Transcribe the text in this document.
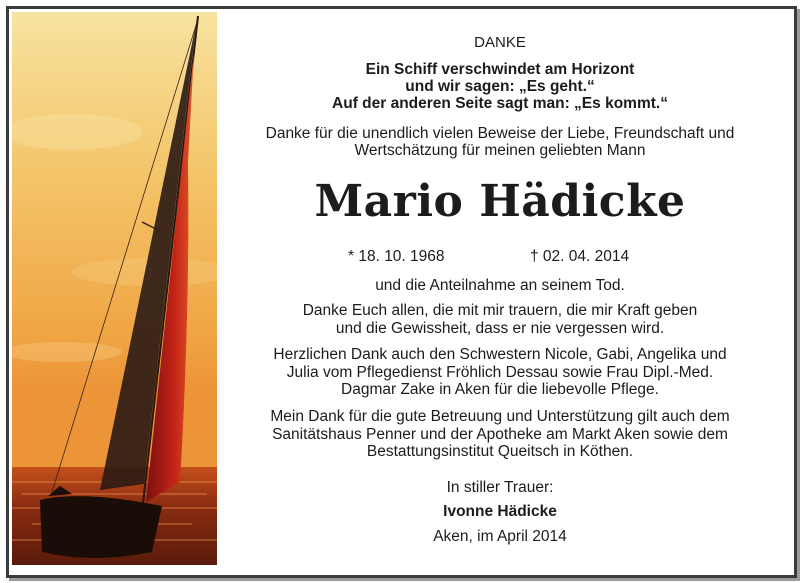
DANKE

Ein Schiff verschwindet am Horizont

und wir sagen: „Es geht.“

Auf der anderen Seite sagt man: „Es kommt.“

Danke für die unendlich vielen Beweise der Liebe, Freundschaft und

Wertschätzung für meinen geliebten Mann

Mario Hädicke

* 18. 10. 1968	† 02. 04. 2014

und die Anteilnahme an seinem Tod.

Danke Euch allen, die mit mir trauern, die mir Kraft geben

und die Gewissheit, dass er nie vergessen wird.

Herzlichen Dank auch den Schwestern Nicole, Gabi, Angelika und

Julia vom Pflegedienst Fröhlich Dessau sowie Frau Dipl.-Med.

Dagmar Zake in Aken für die liebevolle Pflege.

Mein Dank für die gute Betreuung und Unterstützung gilt auch dem

Sanitätshaus Penner und der Apotheke am Markt Aken sowie dem

Bestattungsinstitut Queitsch in Köthen.

In stiller Trauer:

Ivonne Hädicke

Aken, im April 2014
